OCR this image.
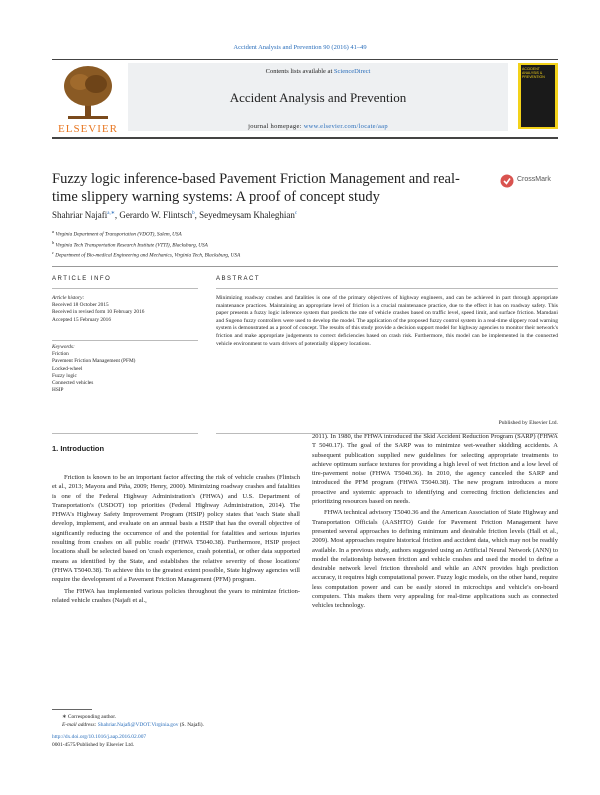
Accident Analysis and Prevention 90 (2016) 41–49
ELSEVIER
Contents lists available at ScienceDirect
Accident Analysis and Prevention
journal homepage: www.elsevier.com/locate/aap
ACCIDENT ANALYSIS & PREVENTION
Fuzzy logic inference-based Pavement Friction Management and real-time slippery warning systems: A proof of concept study
CrossMark
Shahriar Najafi$^{a,∗}$, Gerardo W. Flintsch$^b$, Seyedmeysam Khaleghian$^c$
$^a$ Virginia Department of Transportation (VDOT), Salem, USA
$^b$ Virginia Tech Transportation Research Institute (VTTI), Blacksburg, USA
$^c$ Department of Bio-medical Engineering and Mechanics, Virginia Tech, Blacksburg, USA
ARTICLE INFO	ABSTRACT
Article history:
Received 18 October 2015
Received in revised form 10 February 2016
Accepted 15 February 2016
Keywords:
Friction
Pavement Friction Management (PFM)
Locked-wheel
Fuzzy logic
Connected vehicles
HSIP
Minimizing roadway crashes and fatalities is one of the primary objectives of highway engineers, and can be achieved in part through appropriate maintenance practices. Maintaining an appropriate level of friction is a crucial maintenance practice, due to the effect it has on roadway safety. This paper presents a fuzzy logic inference system that predicts the rate of vehicle crashes based on traffic level, speed limit, and surface friction. Mamdani and Sugeno fuzzy controllers were used to develop the model. The application of the proposed fuzzy control system in a real-time slippery road warning system is demonstrated as a proof of concept. The results of this study provide a decision support model for highway agencies to monitor their network's friction and make appropriate judgements to correct deficiencies based on crash risk. Furthermore, this model can be implemented in the connected vehicle environment to warn drivers of potentially slippery locations.
Published by Elsevier Ltd.
1. Introduction

Friction is known to be an important factor affecting the risk of vehicle crashes (Flintsch et al., 2013; Mayora and Piña, 2009; Henry, 2000). Minimizing roadway crashes and fatalities is one of the Federal Highway Administration's (FHWA) and U.S. Department of Transportation's (USDOT) top priorities (Federal Highway Administration, 2014). The FHWA's Highway Safety Improvement Program (HSIP) policy states that 'each State shall develop, implement, and evaluate on an annual basis a HSIP that has the overall objective of significantly reducing the occurrence of and the potential for fatalities and serious injuries resulting from crashes on all public roads' (FHWA T5040.38). Furthermore, HSIP project locations shall be selected based on 'crash experience, crash potential, or other data supported means as identified by the State, and establishes the relative severity of those locations' (FHWA T5040.38). To achieve this to the greatest extent possible, State highway agencies will require the development of a Pavement Friction Management (PFM) program.

The FHWA has implemented various policies throughout the years to minimize friction-related vehicle crashes (Najafi et al.,

2011). In 1980, the FHWA introduced the Skid Accident Reduction Program (SARP) (FHWA T 5040.17). The goal of the SARP was to minimize wet-weather skidding accidents. A subsequent publication supplied new guidelines for selecting appropriate treatments to achieve optimum surface textures for providing a high level of wet friction and a low level of tire-pavement noise (FHWA T5040.36). In 2010, the agency canceled the SARP and introduced the PFM program (FHWA T5040.38). The new program introduces a more proactive and systemic approach to identifying and correcting friction deficiencies and prioritizing resources based on needs.

FHWA technical advisory T5040.36 and the American Association of State Highway and Transportation Officials (AASHTO) Guide for Pavement Friction Management have presented several approaches to defining minimum and desirable friction levels (Hall et al., 2009). Most approaches require historical friction and accident data, which may not be readily available. In a previous study, authors suggested using an Artificial Neural Network (ANN) to model the relationship between friction and vehicle crashes and used the model to define a desirable network level friction threshold and while an ANN provides high prediction accuracy, it requires high computational power. Fuzzy logic models, on the other hand, require less computation power and can be easily stored in microchips and vehicle's on-board computers. This makes them very appealing for real-time applications such as connected vehicles technology.

∗ Corresponding author.
E-mail address: Shahriar.Najafi@VDOT.Virginia.gov (S. Najafi).
http://dx.doi.org/10.1016/j.aap.2016.02.007
0001-4575/Published by Elsevier Ltd.
